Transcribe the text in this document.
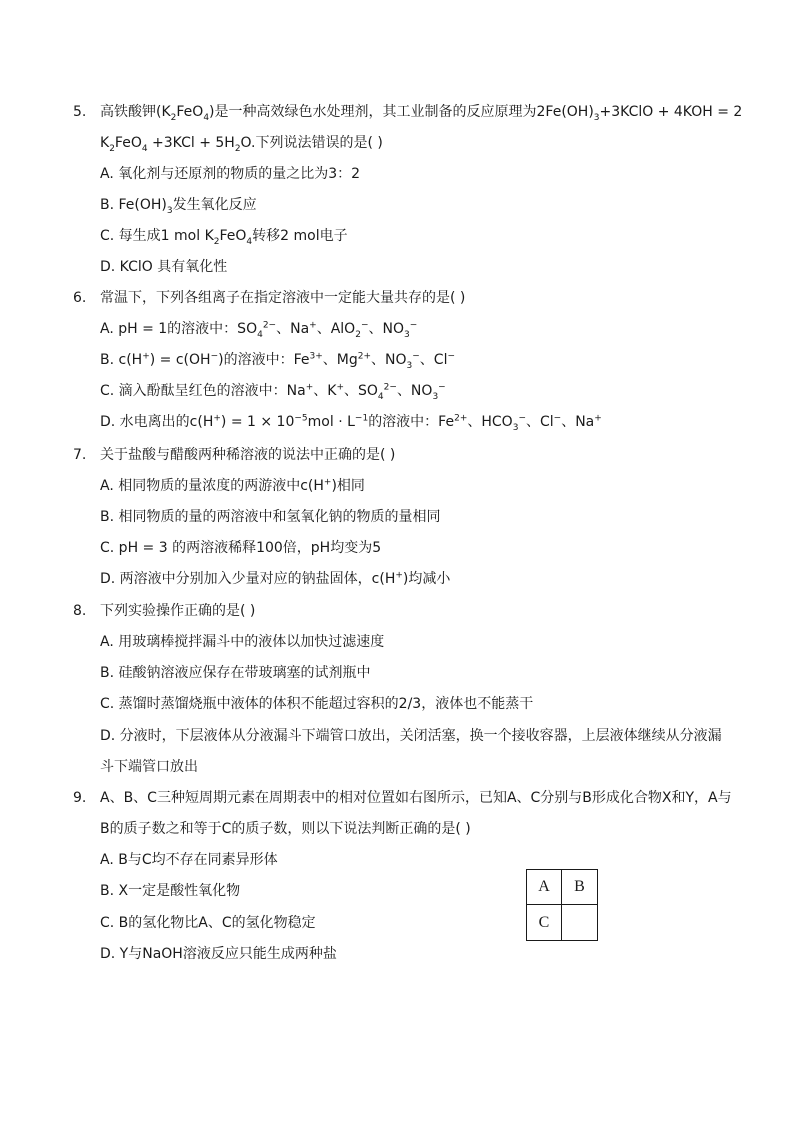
5. 高铁酸钾$(K_2FeO_4)$是一种高效绿色水处理剂，其工业制备的反应原理为$2Fe(OH)_3+3KClO + 4KOH = 2$
$K_2FeO_4 +3KCl + 5H_2O$.下列说法错误的是( )
A. 氧化剂与还原剂的物质的量之比为3：2
B. $Fe(OH)_3$发生氧化反应
C. 每生成1 mol $K_2FeO_4$转移2 mol电子
D. KClO 具有氧化性
6. 常温下，下列各组离子在指定溶液中一定能大量共存的是( )
A. pH = 1的溶液中：$SO_4^{2-}$、Na+、AlO$_2$−、$NO_3^-$
B. c(H+) = c(OH−)的溶液中：$Fe^{3+}$、$Mg^{2+}$、$NO_3^-$、Cl−
C. 滴入酚酞呈红色的溶液中：Na+、K+、$SO_4^{2-}$、$NO_3^-$
D. 水电离出的$c(H^+) = 1 \times 10^{-5}mol \cdot L^{-1}$的溶液中：$Fe^{2+}$、$HCO_3^-$、Cl−、Na+
7. 关于盐酸与醋酸两种稀溶液的说法中正确的是( )
A. 相同物质的量浓度的两游液中c(H+)相同
B. 相同物质的量的两溶液中和氢氧化钠的物质的量相同
C. pH = 3 的两溶液稀释100倍，pH均变为5
D. 两溶液中分别加入少量对应的钠盐固体，c(H+)均减小
8. 下列实验操作正确的是( )
A. 用玻璃棒搅拌漏斗中的液体以加快过滤速度
B. 硅酸钠溶液应保存在带玻璃塞的试剂瓶中
C. 蒸馏时蒸馏烧瓶中液体的体积不能超过容积的2/3，液体也不能蒸干
D. 分液时，下层液体从分液漏斗下端管口放出，关闭活塞，换一个接收容器，上层液体继续从分液漏
斗下端管口放出
9. A、B、C三种短周期元素在周期表中的相对位置如右图所示，已知A、C分别与B形成化合物X和Y，A与
B的质子数之和等于C的质子数，则以下说法判断正确的是( )
A. B与C均不存在同素异形体
B. X一定是酸性氧化物
C. B的氢化物比A、C的氢化物稳定
D. Y与NaOH溶液反应只能生成两种盐
A	B
C
